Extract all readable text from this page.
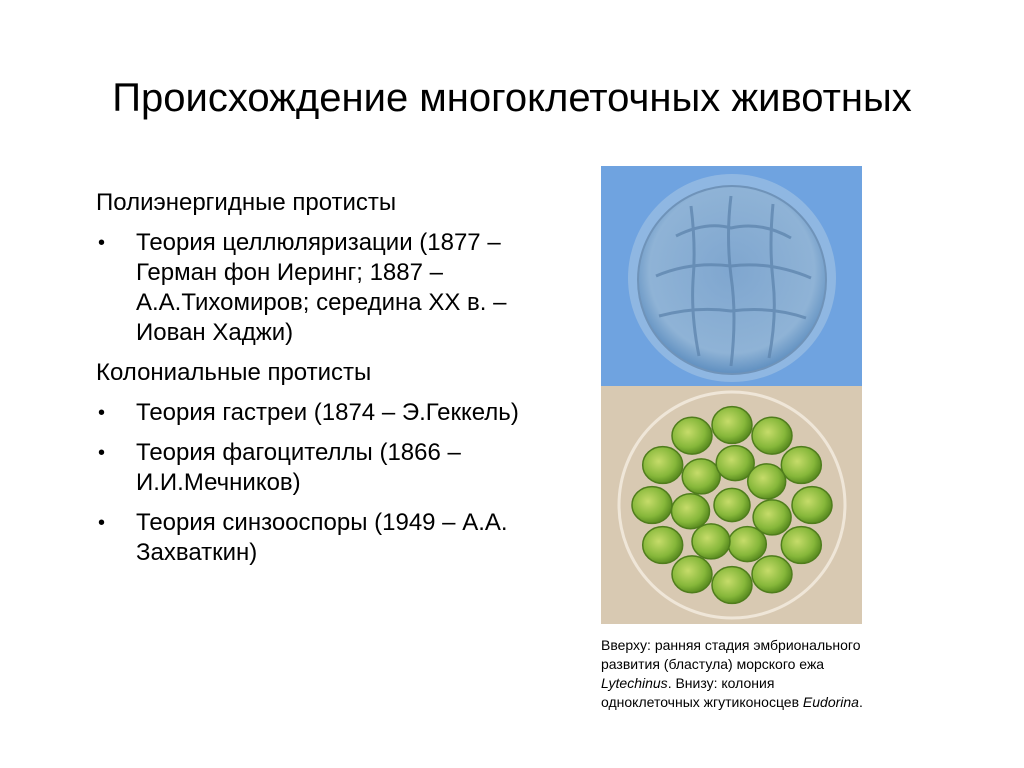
Происхождение многоклеточных животных

Полиэнергидные протисты

• Теория целлюляризации (1877 – Герман фон Иеринг; 1887 – А.А.Тихомиров; середина XX в. – Иован Хаджи)

Колониальные протисты

• Теория гастреи (1874 – Э.Геккель)
• Теория фагоцителлы (1866 – И.И.Мечников)
• Теория синзооспоры (1949 – А.А. Захваткин)
Вверху: ранняя стадия эмбрионального развития (бластула) морского ежа Lytechinus. Внизу: колония одноклеточных жгутиконосцев Eudorina.
